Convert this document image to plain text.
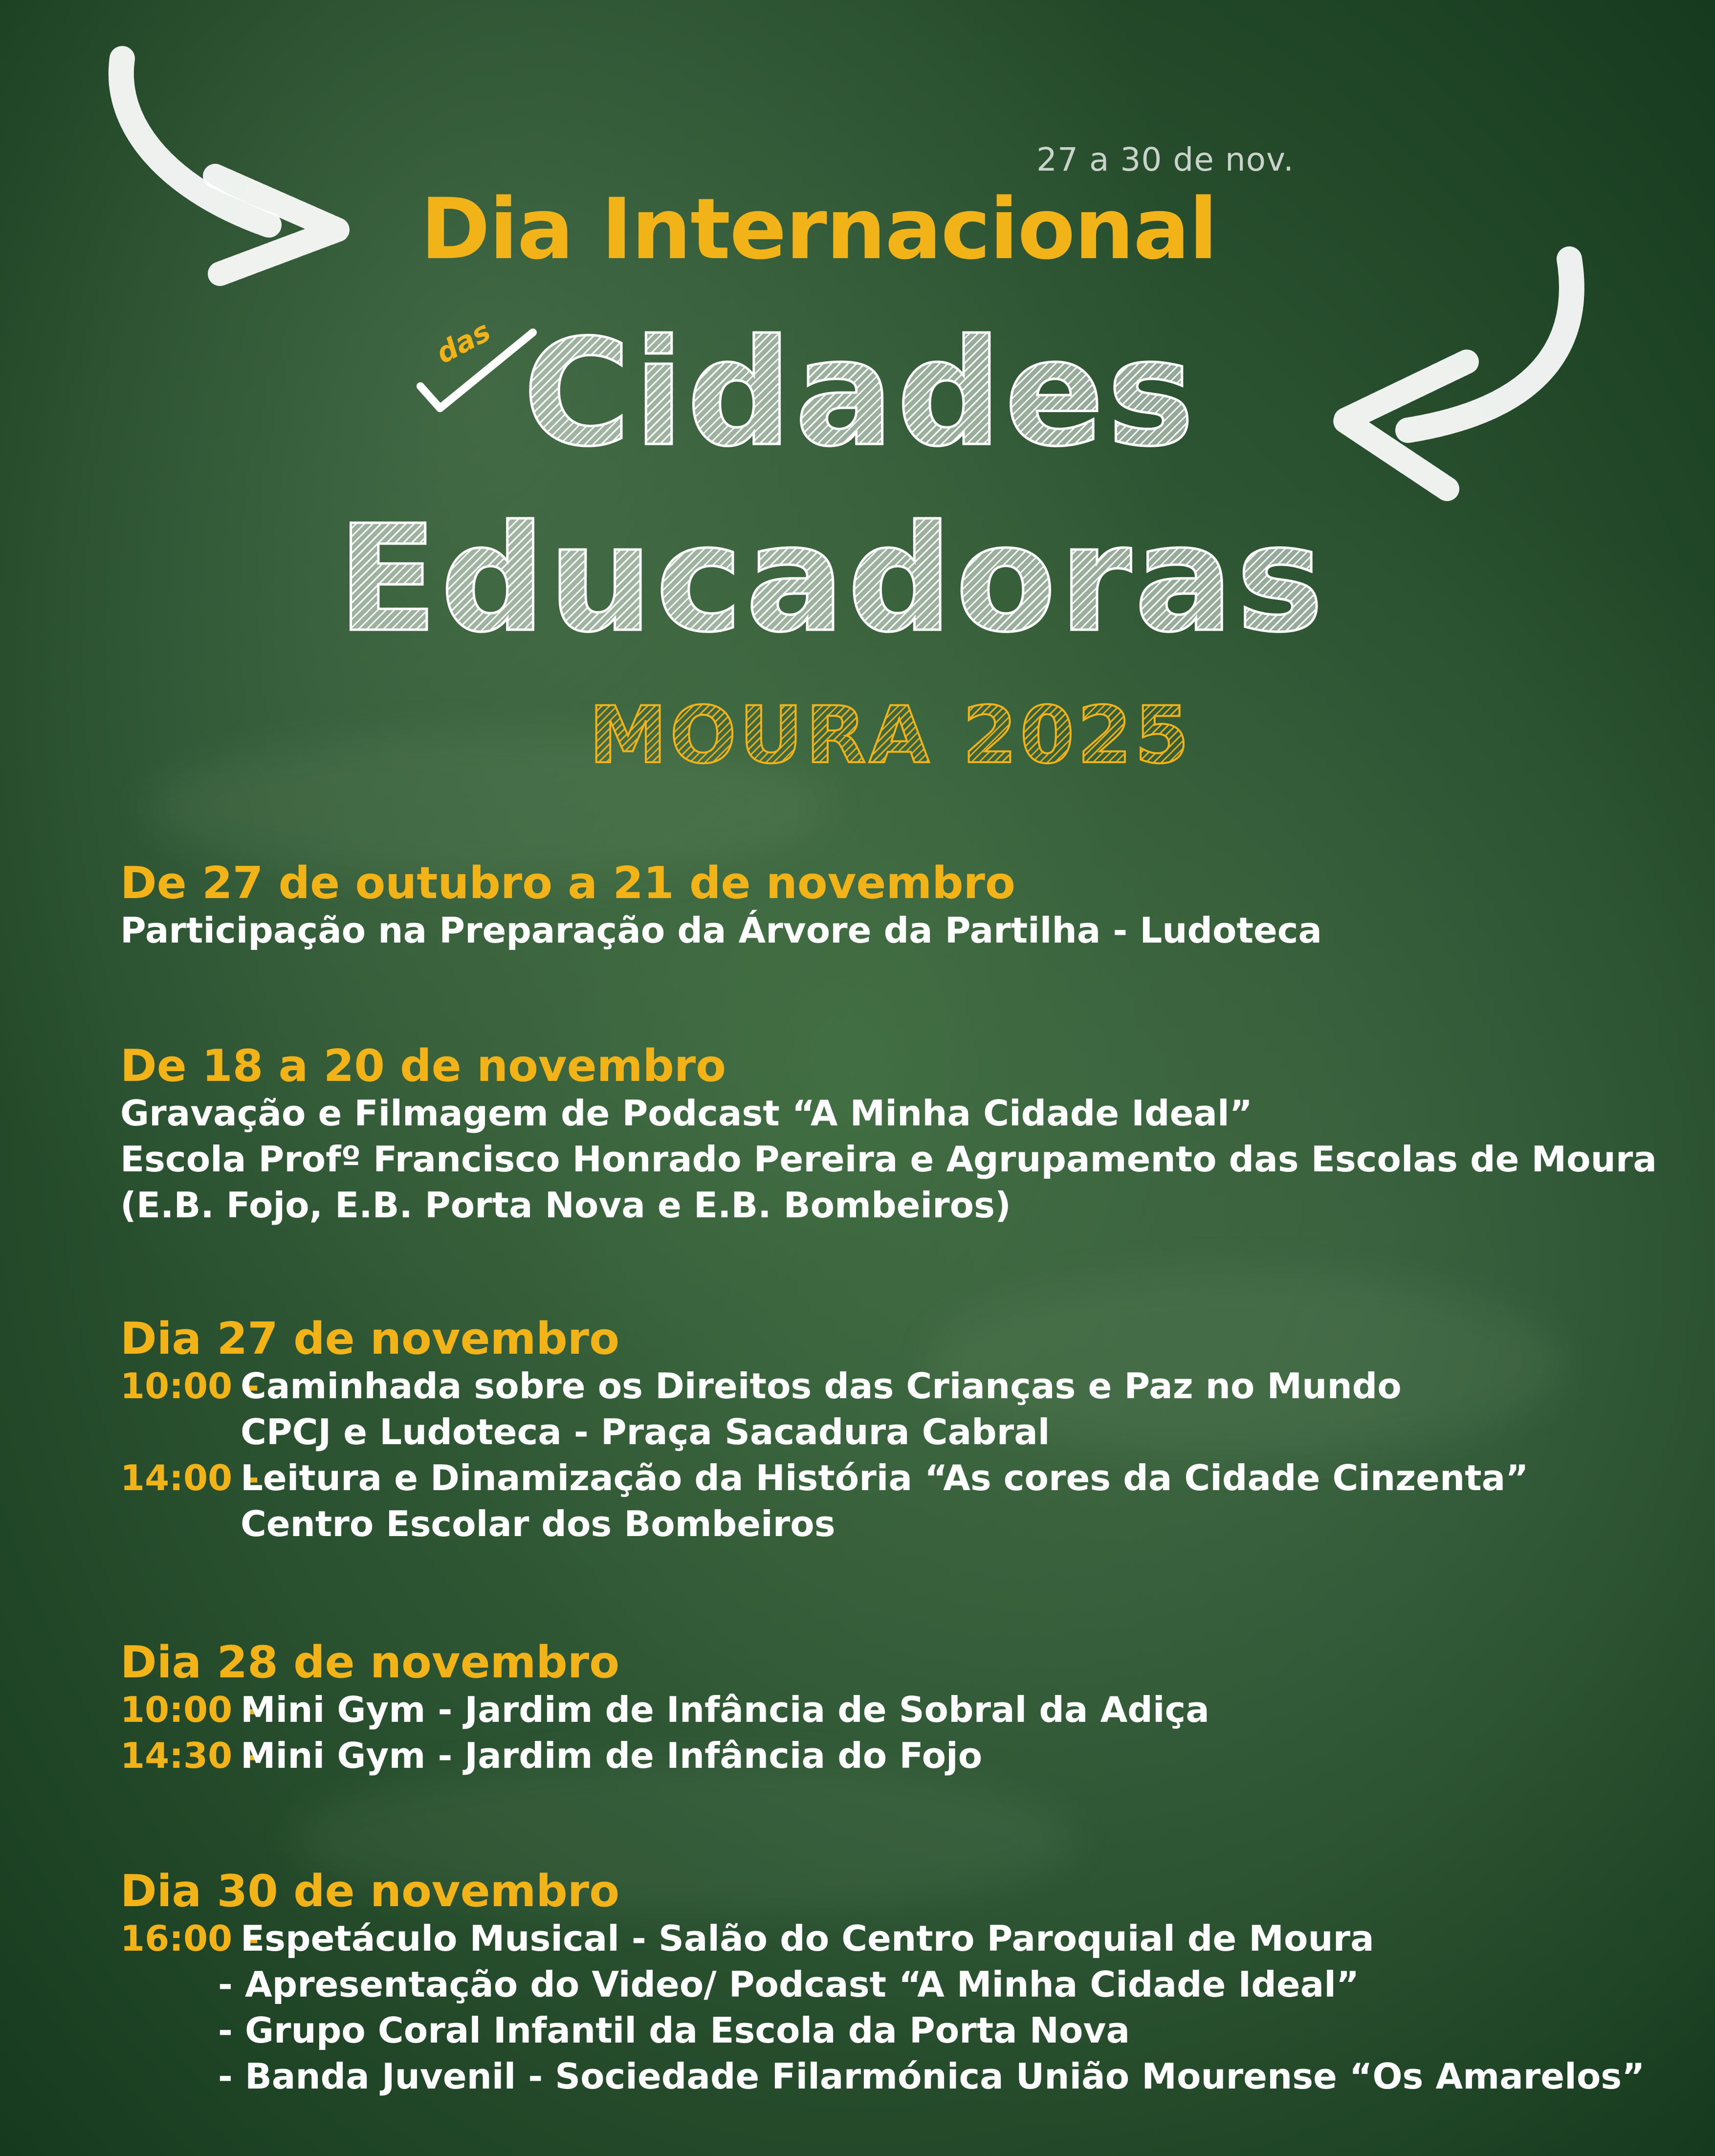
27 a 30 de nov.
Dia Internacional
das Cidades
Educadoras
MOURA 2025
De 27 de outubro a 21 de novembro
Participação na Preparação da Árvore da Partilha - Ludoteca
De 18 a 20 de novembro
Gravação e Filmagem de Podcast “A Minha Cidade Ideal”
Escola Profº Francisco Honrado Pereira e Agrupamento das Escolas de Moura
(E.B. Fojo, E.B. Porta Nova e E.B. Bombeiros)
Dia 27 de novembro
10:00 -
Caminhada sobre os Direitos das Crianças e Paz no Mundo
CPCJ e Ludoteca - Praça Sacadura Cabral
14:00 -
Leitura e Dinamização da História “As cores da Cidade Cinzenta”
Centro Escolar dos Bombeiros
Dia 28 de novembro
10:00 -
Mini Gym - Jardim de Infância de Sobral da Adiça
14:30 -
Mini Gym - Jardim de Infância do Fojo
Dia 30 de novembro
16:00 -
Espetáculo Musical - Salão do Centro Paroquial de Moura
- Apresentação do Video/ Podcast “A Minha Cidade Ideal”
- Grupo Coral Infantil da Escola da Porta Nova
- Banda Juvenil - Sociedade Filarmónica União Mourense “Os Amarelos”
